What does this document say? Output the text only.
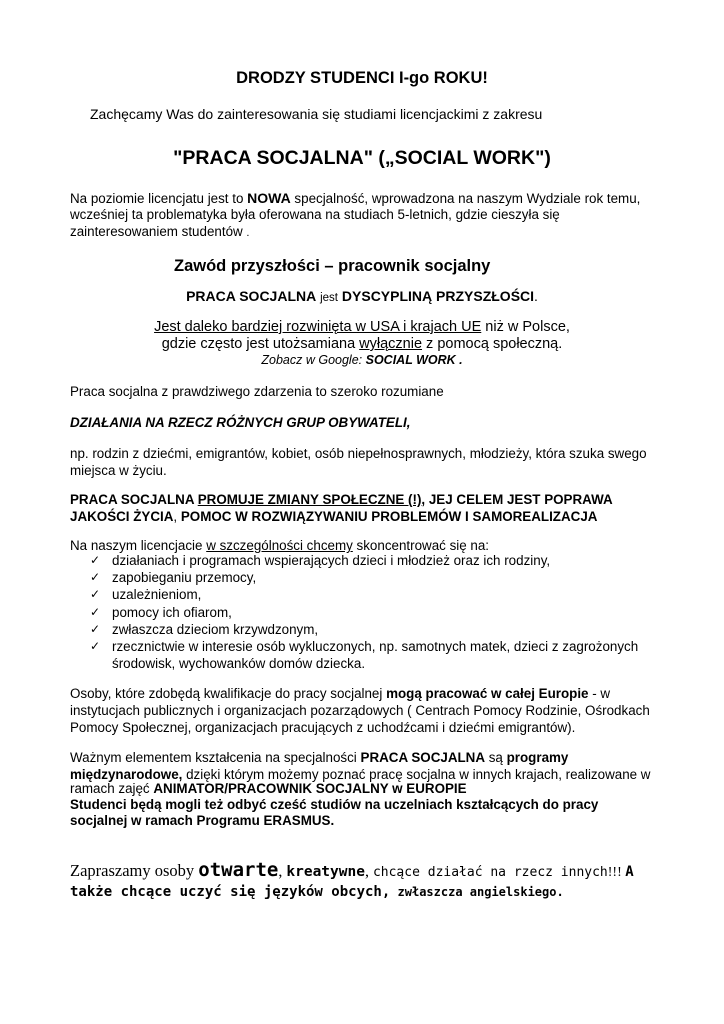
DRODZY STUDENCI I-go ROKU!
Zachęcamy Was do zainteresowania się studiami licencjackimi z zakresu
"PRACA SOCJALNA" („SOCIAL WORK")
Na poziomie licencjatu jest to NOWA specjalność, wprowadzona na naszym Wydziale rok temu,
wcześniej ta problematyka była oferowana na studiach 5-letnich, gdzie cieszyła się
zainteresowaniem studentów .
Zawód przyszłości – pracownik socjalny
PRACA SOCJALNA jest DYSCYPLINĄ PRZYSZŁOŚCI.
Jest daleko bardziej rozwinięta w USA i krajach UE niż w Polsce,
gdzie często jest utożsamiana wyłącznie z pomocą społeczną.
Zobacz w Google: SOCIAL WORK .
Praca socjalna z prawdziwego zdarzenia to szeroko rozumiane
DZIAŁANIA NA RZECZ RÓŻNYCH GRUP OBYWATELI,
np. rodzin z dziećmi, emigrantów, kobiet, osób niepełnosprawnych, młodzieży, która szuka swego
miejsca w życiu.
PRACA SOCJALNA PROMUJE ZMIANY SPOŁECZNE (!), JEJ CELEM JEST POPRAWA
JAKOŚCI ŻYCIA, POMOC W ROZWIĄZYWANIU PROBLEMÓW I SAMOREALIZACJA
Na naszym licencjacie w szczególności chcemy skoncentrować się na:
✓ działaniach i programach wspierających dzieci i młodzież oraz ich rodziny,
✓ zapobieganiu przemocy,
✓ uzależnieniom,
✓ pomocy ich ofiarom,
✓ zwłaszcza dzieciom krzywdzonym,
✓ rzecznictwie w interesie osób wykluczonych, np. samotnych matek, dzieci z zagrożonych środowisk, wychowanków domów dziecka.
Osoby, które zdobędą kwalifikacje do pracy socjalnej mogą pracować w całej Europie - w
instytucjach publicznych i organizacjach pozarządowych ( Centrach Pomocy Rodzinie, Ośrodkach
Pomocy Społecznej, organizacjach pracujących z uchodźcami i dziećmi emigrantów).
Ważnym elementem kształcenia na specjalności PRACA SOCJALNA są programy
międzynarodowe, dzięki którym możemy poznać pracę socjalna w innych krajach, realizowane w
ramach zajęć ANIMATOR/PRACOWNIK SOCJALNY w EUROPIE
Studenci będą mogli też odbyć cześć studiów na uczelniach kształcących do pracy
socjalnej w ramach Programu ERASMUS.
Zapraszamy osoby otwarte, kreatywne, chcące działać na rzecz innych!!! A
także chcące uczyć się języków obcych, zwłaszcza angielskiego.
